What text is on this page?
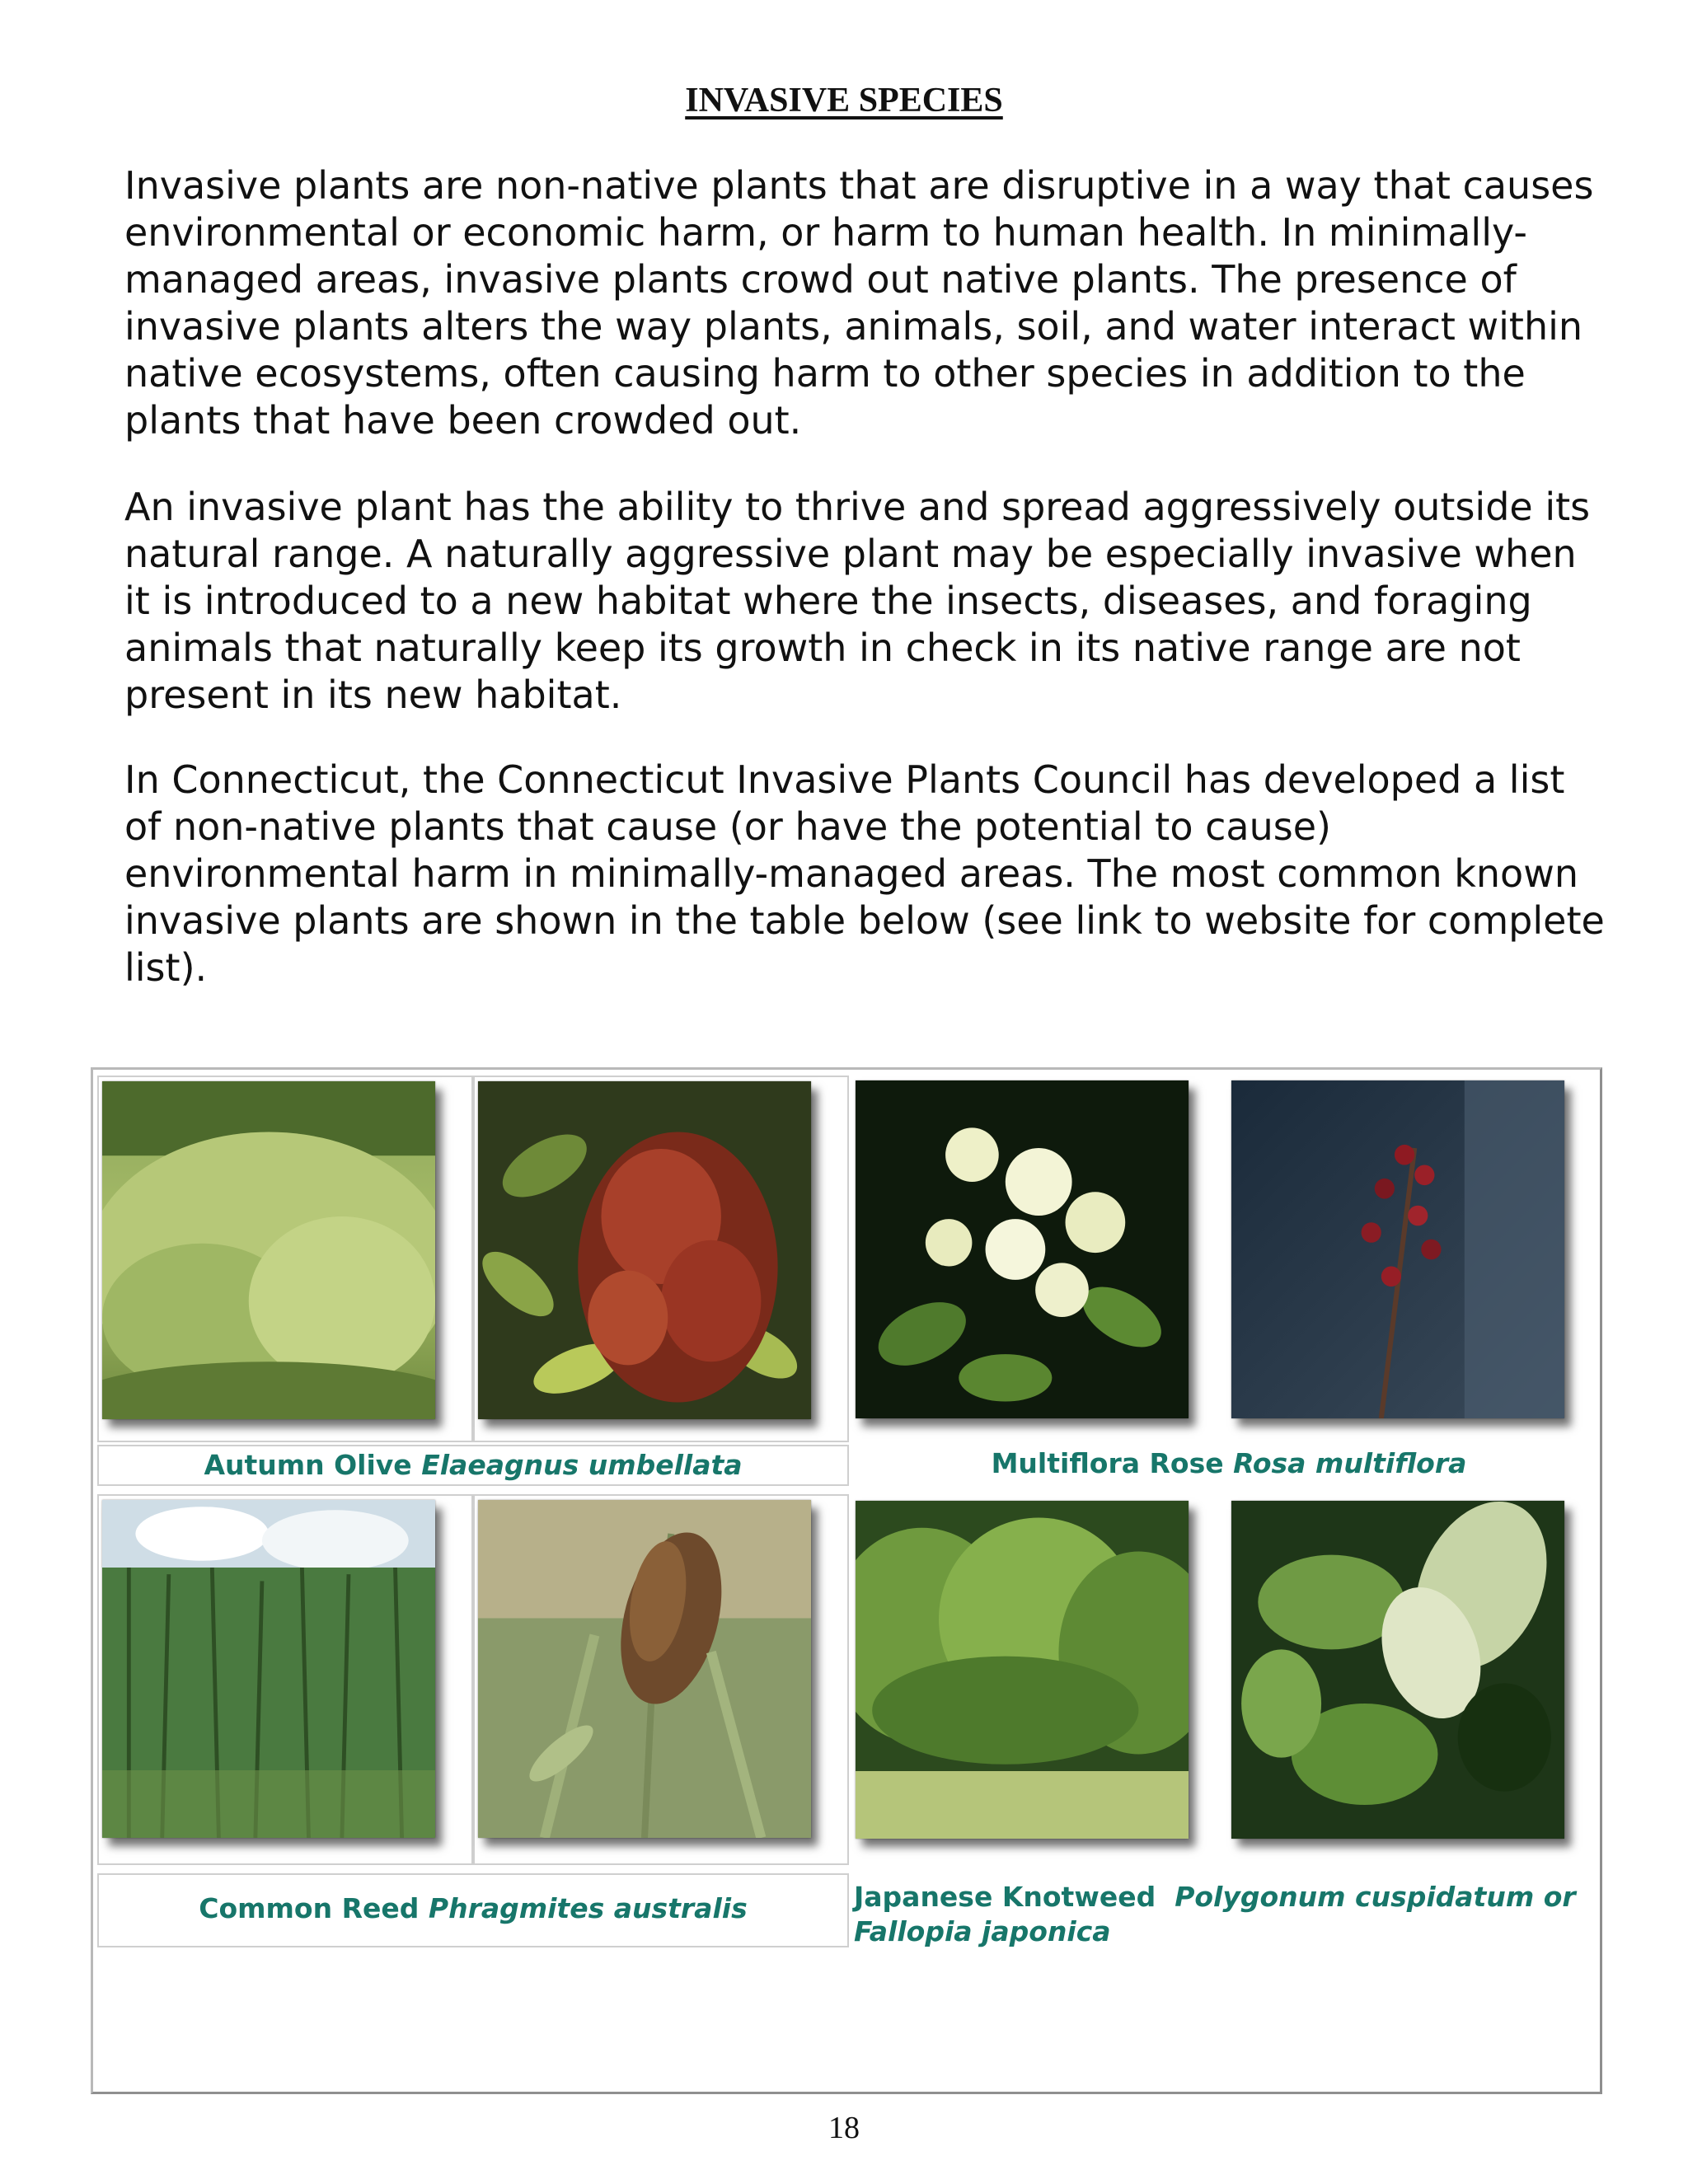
INVASIVE SPECIES

Invasive plants are non-native plants that are disruptive in a way that causes environmental or economic harm, or harm to human health. In minimally-managed areas, invasive plants crowd out native plants. The presence of invasive plants alters the way plants, animals, soil, and water interact within native ecosystems, often causing harm to other species in addition to the plants that have been crowded out.

An invasive plant has the ability to thrive and spread aggressively outside its natural range. A naturally aggressive plant may be especially invasive when it is introduced to a new habitat where the insects, diseases, and foraging animals that naturally keep its growth in check in its native range are not present in its new habitat.

In Connecticut, the Connecticut Invasive Plants Council has developed a list of non-native plants that cause (or have the potential to cause) environmental harm in minimally-managed areas. The most common known invasive plants are shown in the table below (see link to website for complete list).

Autumn Olive Elaeagnus umbellata	Multiflora Rose Rosa multiflora
Common Reed Phragmites australis	Japanese Knotweed Polygonum cuspidatum or Fallopia japonica
18
